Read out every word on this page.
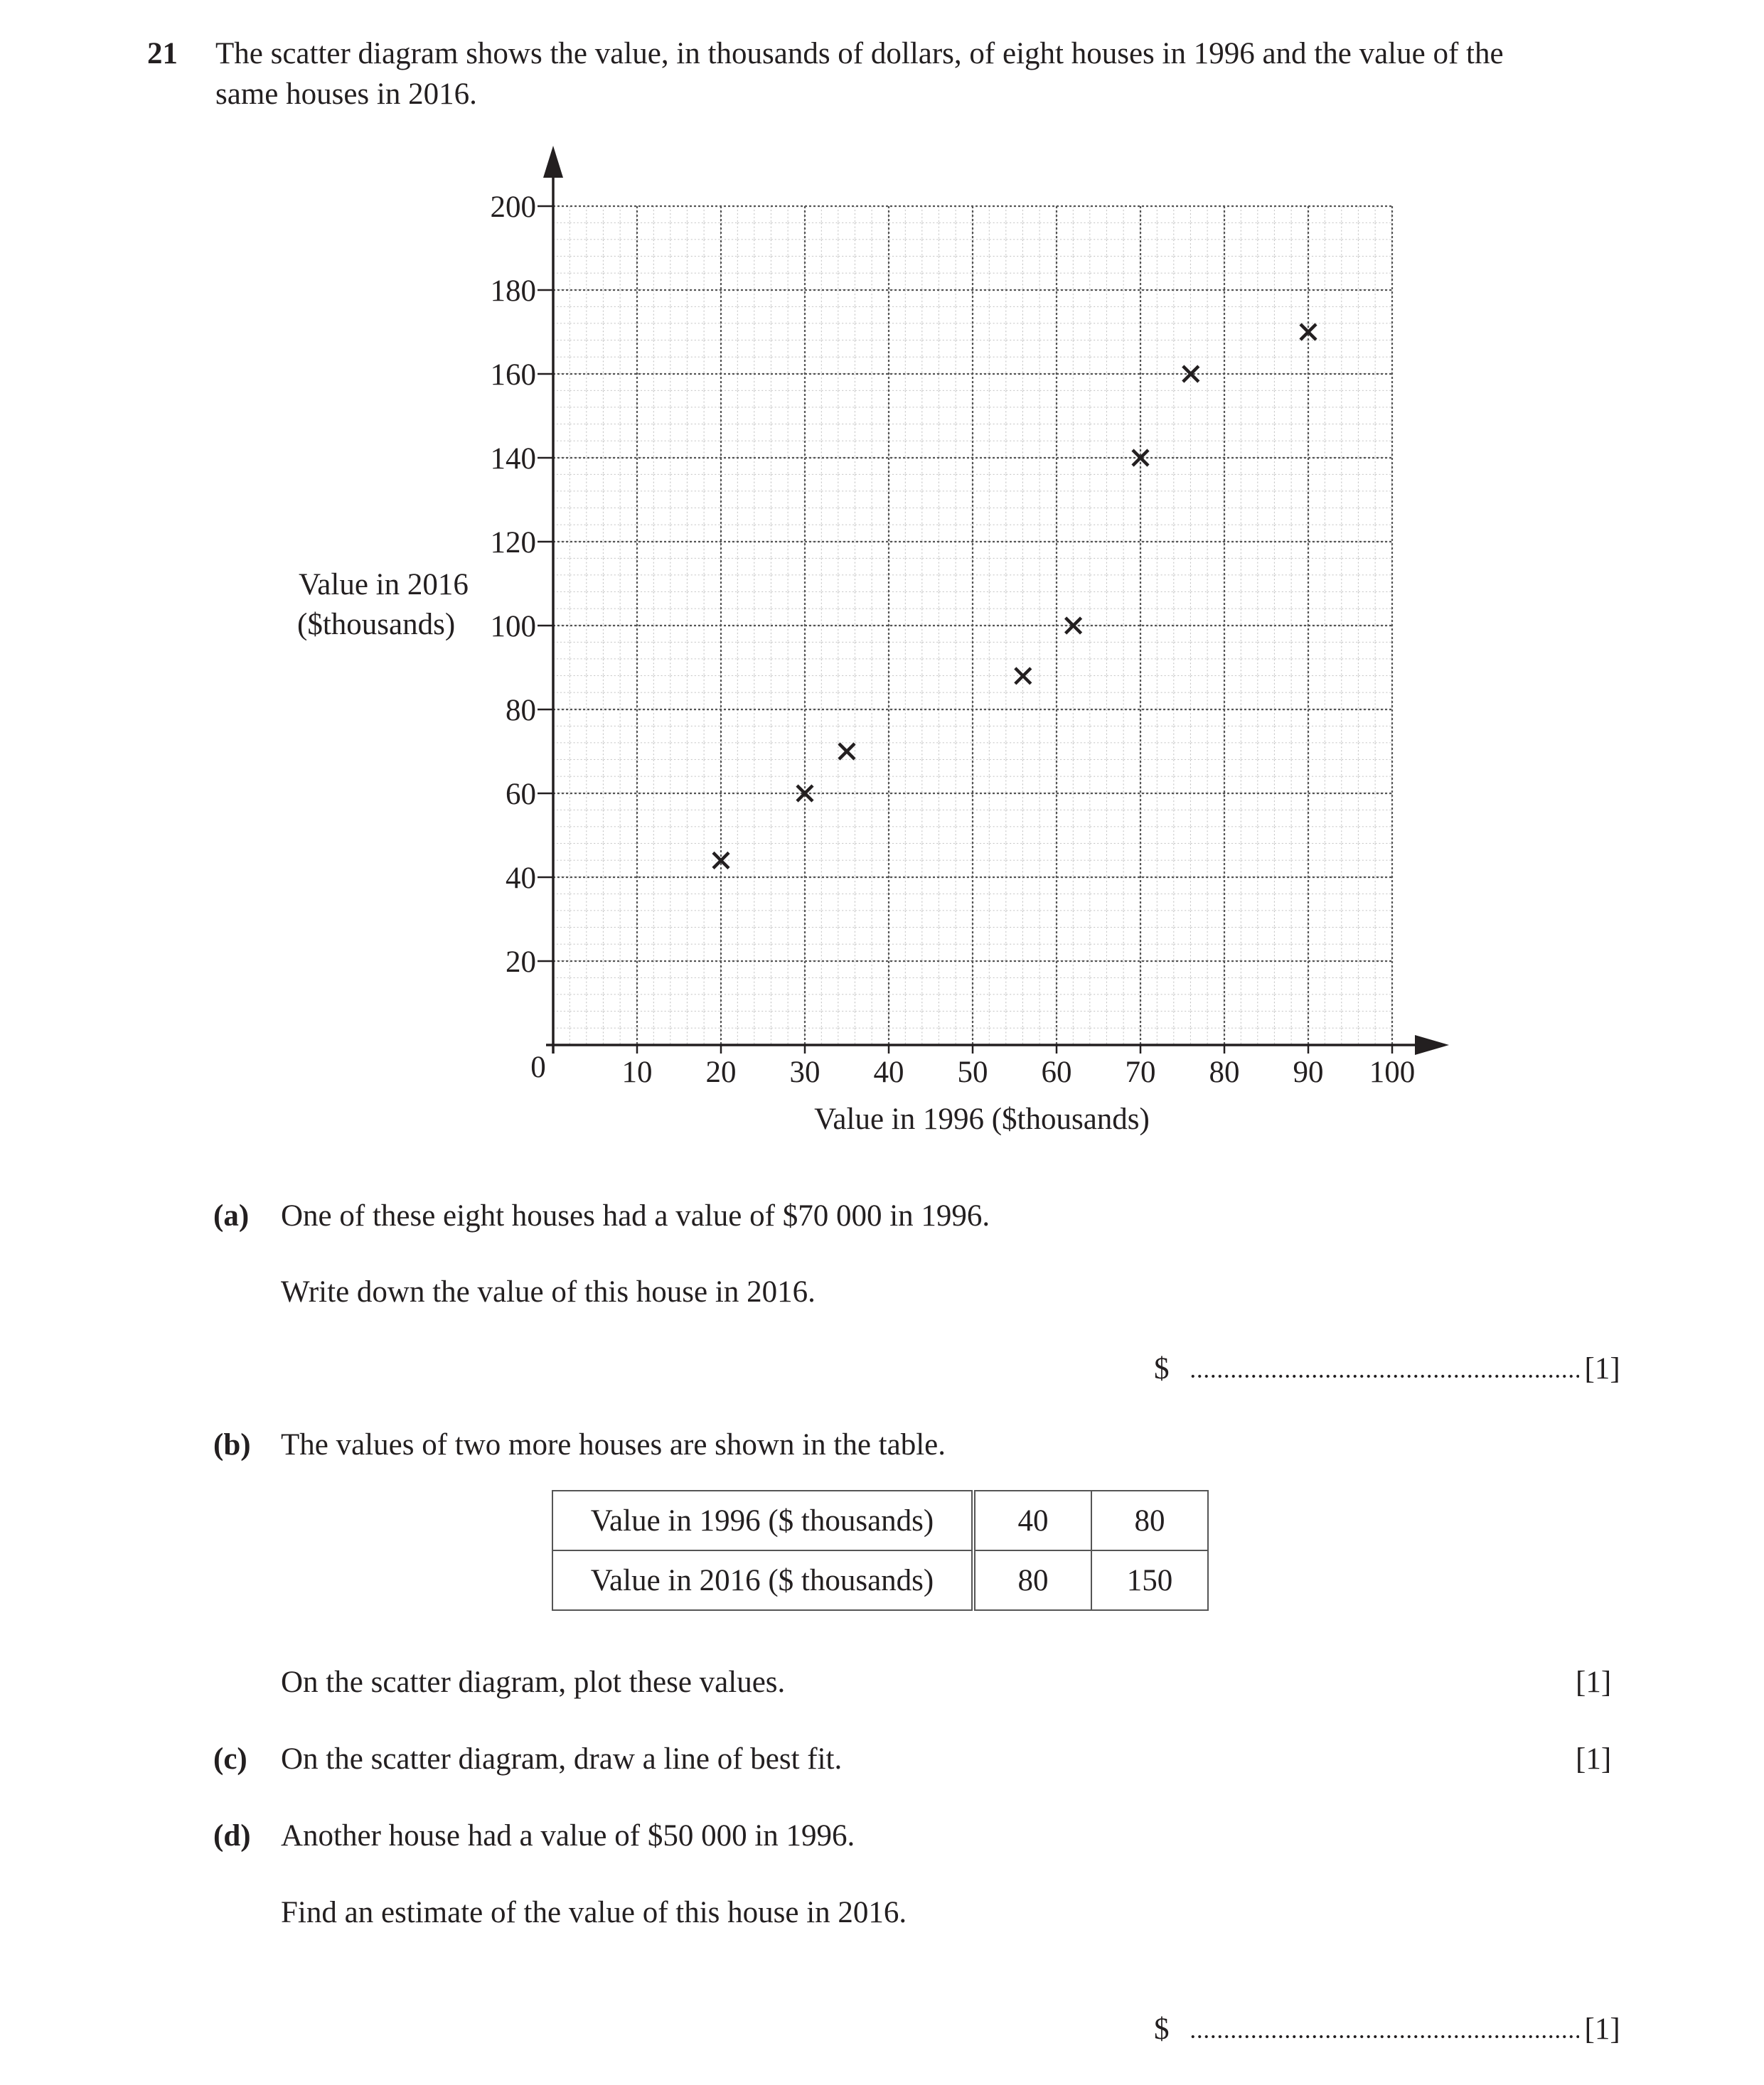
21 The scatter diagram shows the value, in thousands of dollars, of eight houses in 1996 and the value of the
same houses in 2016.
10 20 30 40 50 60 70 80 90 100
20
40
60
80
100
120
140
160
180
200
0
Value in 1996 ($thousands)
Value in 2016
($thousands)
(a) One of these eight houses had a value of $70 000 in 1996.
Write down the value of this house in 2016.
$	[1]
(b) The values of two more houses are shown in the table.
Value in 1996 ($ thousands)	40	80
Value in 2016 ($ thousands)	80	150
On the scatter diagram, plot these values.	[1]
(c) On the scatter diagram, draw a line of best fit.	[1]
(d) Another house had a value of $50 000 in 1996.
Find an estimate of the value of this house in 2016.
$	[1]
